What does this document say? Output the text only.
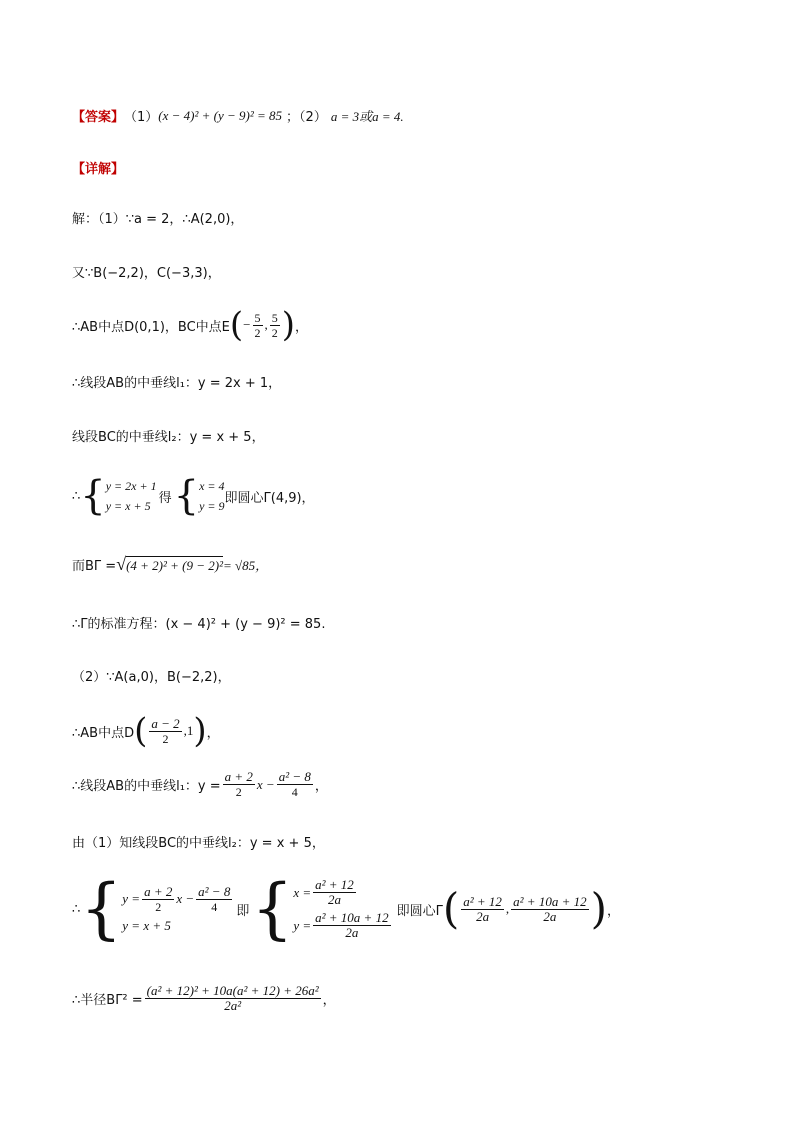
【答案】 （1） (x − 4)² + (y − 9)² = 85 ；（2） a = 3或a = 4.
【详解】
解：（1）∵a = 2，∴A(2,0)，
又∵B(−2,2)，C(−3,3)，
∴AB中点D(0,1)，BC中点E ( − $\frac{5}{2}$ , $\frac{5}{2}$ ) ，
∴线段AB的中垂线l₁：y = 2x + 1，
线段BC的中垂线l₂：y = x + 5，
∴ { y = 2x + 1
y = x + 5
得 { x = 4
y = 9
即圆心Γ(4,9)，
而BΓ = √ (4 + 2)² + (9 − 2)² = √85，
∴Γ的标准方程：(x − 4)² + (y − 9)² = 85.
（2）∵A(a,0)，B(−2,2)，
∴AB中点D ( $\frac{a - 2}{2} ,1$ ) ，
∴线段AB的中垂线l₁：$y = \frac{a + 2}{2}$ $x - \frac{\text{a² − 8}}{4}$ ，
由（1）知线段BC的中垂线l₂：y = x + 5，
∴ { $y = \frac{a + 2}{2}$ $x - \frac{\text{a² − 8}}{4}$
y = x + 5
即 { $x = \frac{\text{a² + 12}}{2a}$
$y = \frac{\text{a² + 10a + 12}}{2a}$ 即圆心Γ ( $\frac{\text{a² + 12}}{2a}$ , $\frac{\text{a² + 10a + 12}}{2a}$ ) ，
∴半径$B\Gamma^2 = \frac{\text{(a² + 12)² + 10a(a² + 12) + 26a²}}{\text{2a²}}$ ，
